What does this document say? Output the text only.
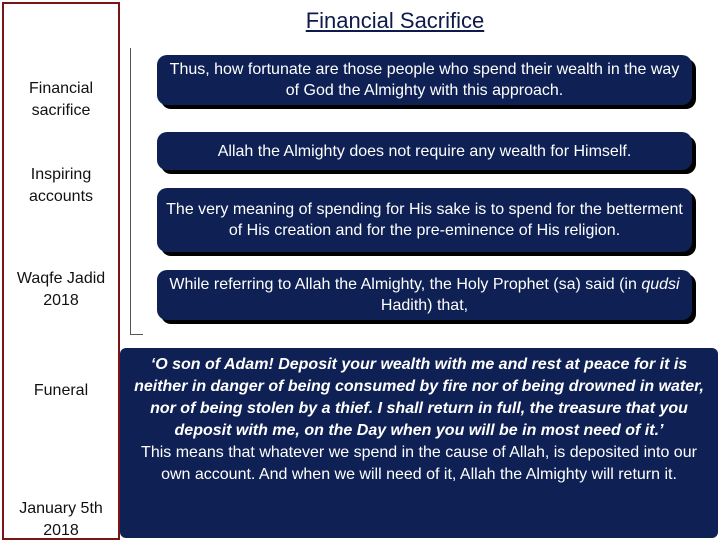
Financial Sacrifice
Financial sacrifice
Inspiring accounts
Waqfe Jadid 2018
Funeral
January 5th 2018
Thus, how fortunate are those people who spend their wealth in the way of God the Almighty with this approach.
Allah the Almighty does not require any wealth for Himself.
The very meaning of spending for His sake is to spend for the betterment of His creation and for the pre-eminence of His religion.
While referring to Allah the Almighty, the Holy Prophet (sa) said (in qudsi Hadith) that,
‘O son of Adam! Deposit your wealth with me and rest at peace for it is neither in danger of being consumed by fire nor of being drowned in water, nor of being stolen by a thief. I shall return in full, the treasure that you deposit with me, on the Day when you will be in most need of it.’
This means that whatever we spend in the cause of Allah, is deposited into our own account. And when we will need of it, Allah the Almighty will return it.
